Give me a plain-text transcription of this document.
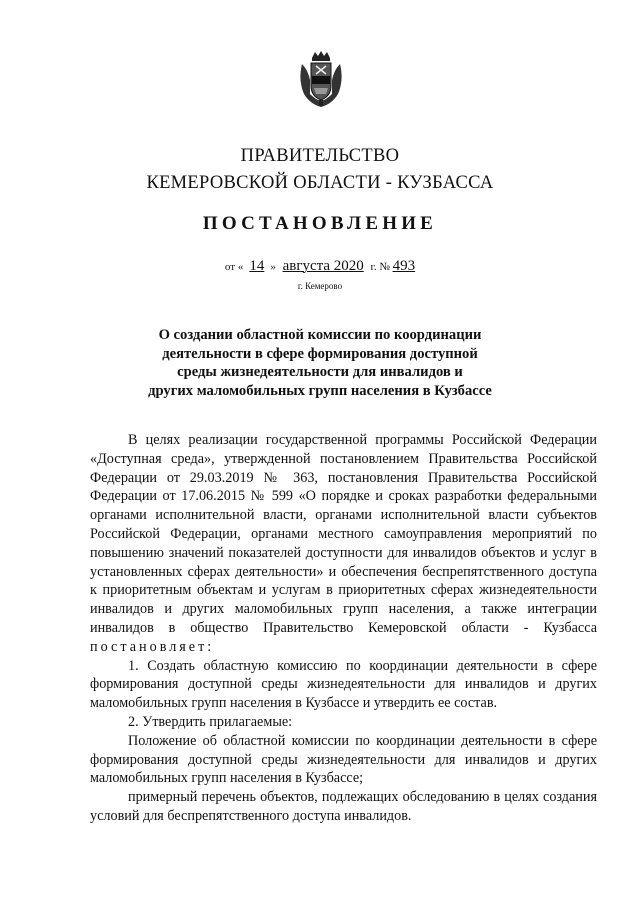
ПРАВИТЕЛЬСТВО
КЕМЕРОВСКОЙ ОБЛАСТИ - КУЗБАССА
ПОСТАНОВЛЕНИЕ
от « 14 » августа 2020 г. № 493
г. Кемерово
О создании областной комиссии по координации
деятельности в сфере формирования доступной
среды жизнедеятельности для инвалидов и
других маломобильных групп населения в Кузбассе

В целях реализации государственной программы Российской Федерации «Доступная среда», утвержденной постановлением Правительства Российской Федерации от 29.03.2019 № 363, постановления Правительства Российской Федерации от 17.06.2015 № 599 «О порядке и сроках разработки федеральными органами исполнительной власти, органами исполнительной власти субъектов Российской Федерации, органами местного самоуправления мероприятий по повышению значений показателей доступности для инвалидов объектов и услуг в установленных сферах деятельности» и обеспечения беспрепятственного доступа к приоритетным объектам и услугам в приоритетных сферах жизнедеятельности инвалидов и других маломобильных групп населения, а также интеграции инвалидов в общество Правительство Кемеровской области - Кузбасса постановляет:

1. Создать областную комиссию по координации деятельности в сфере формирования доступной среды жизнедеятельности для инвалидов и других маломобильных групп населения в Кузбассе и утвердить ее состав.

2. Утвердить прилагаемые:

Положение об областной комиссии по координации деятельности в сфере формирования доступной среды жизнедеятельности для инвалидов и других маломобильных групп населения в Кузбассе;

примерный перечень объектов, подлежащих обследованию в целях создания условий для беспрепятственного доступа инвалидов.
